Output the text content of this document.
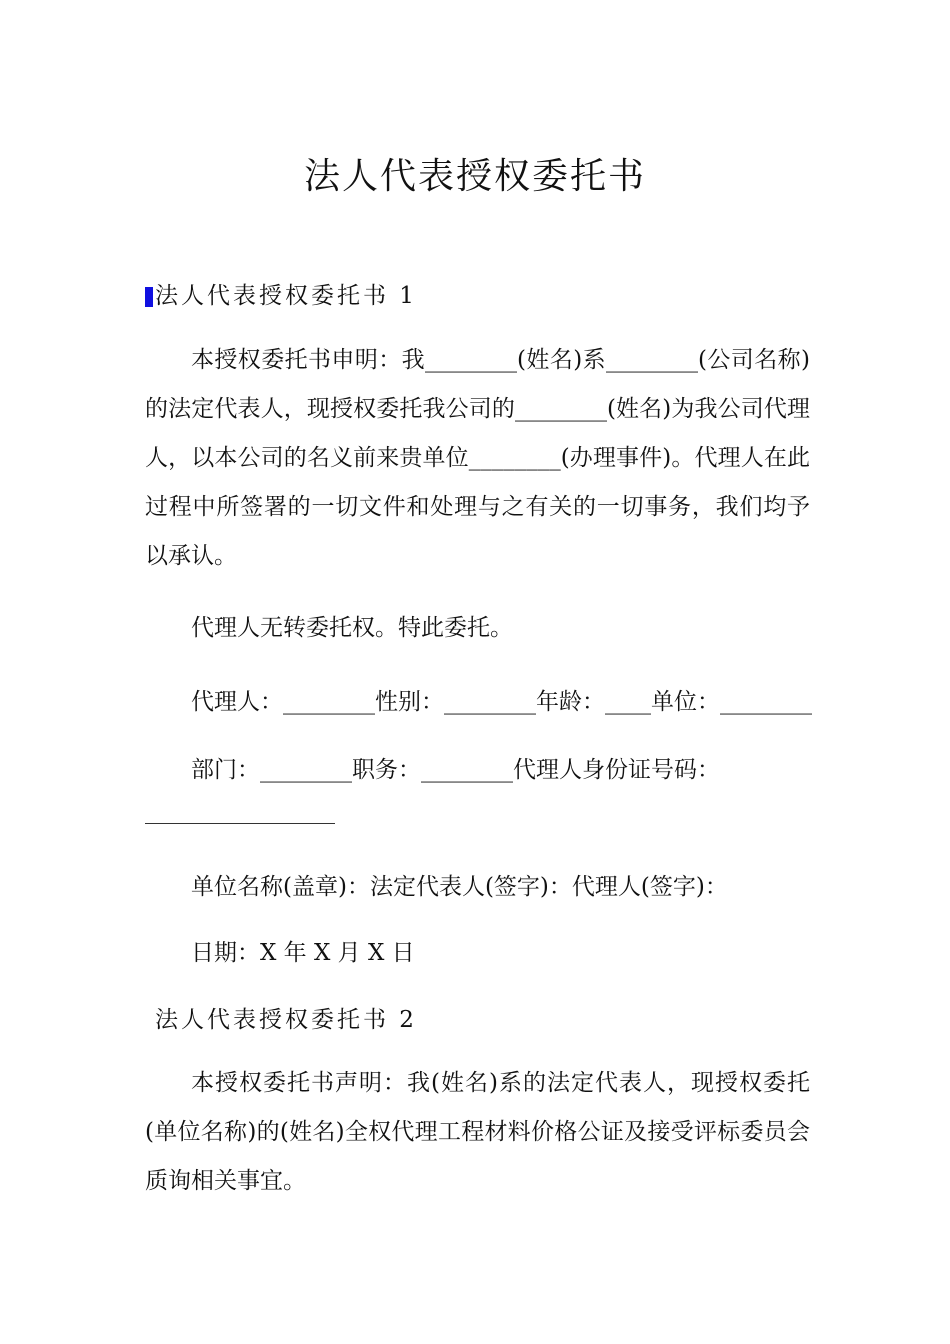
法人代表授权委托书
法人代表授权委托书 1

本授权委托书申明：我________(姓名)系________(公司名称)的法定代表人，现授权委托我公司的________(姓名)为我公司代理人，以本公司的名义前来贵单位________(办理事件)。代理人在此过程中所签署的一切文件和处理与之有关的一切事务，我们均予以承认。

代理人无转委托权。特此委托。

代理人：________性别：________年龄：____单位：________

部门：________职务：________代理人身份证号码：

单位名称(盖章)：法定代表人(签字)：代理人(签字)：

日期：X 年 X 月 X 日

法人代表授权委托书 2

本授权委托书声明：我(姓名)系的法定代表人，现授权委托(单位名称)的(姓名)全权代理工程材料价格公证及接受评标委员会质询相关事宜。
